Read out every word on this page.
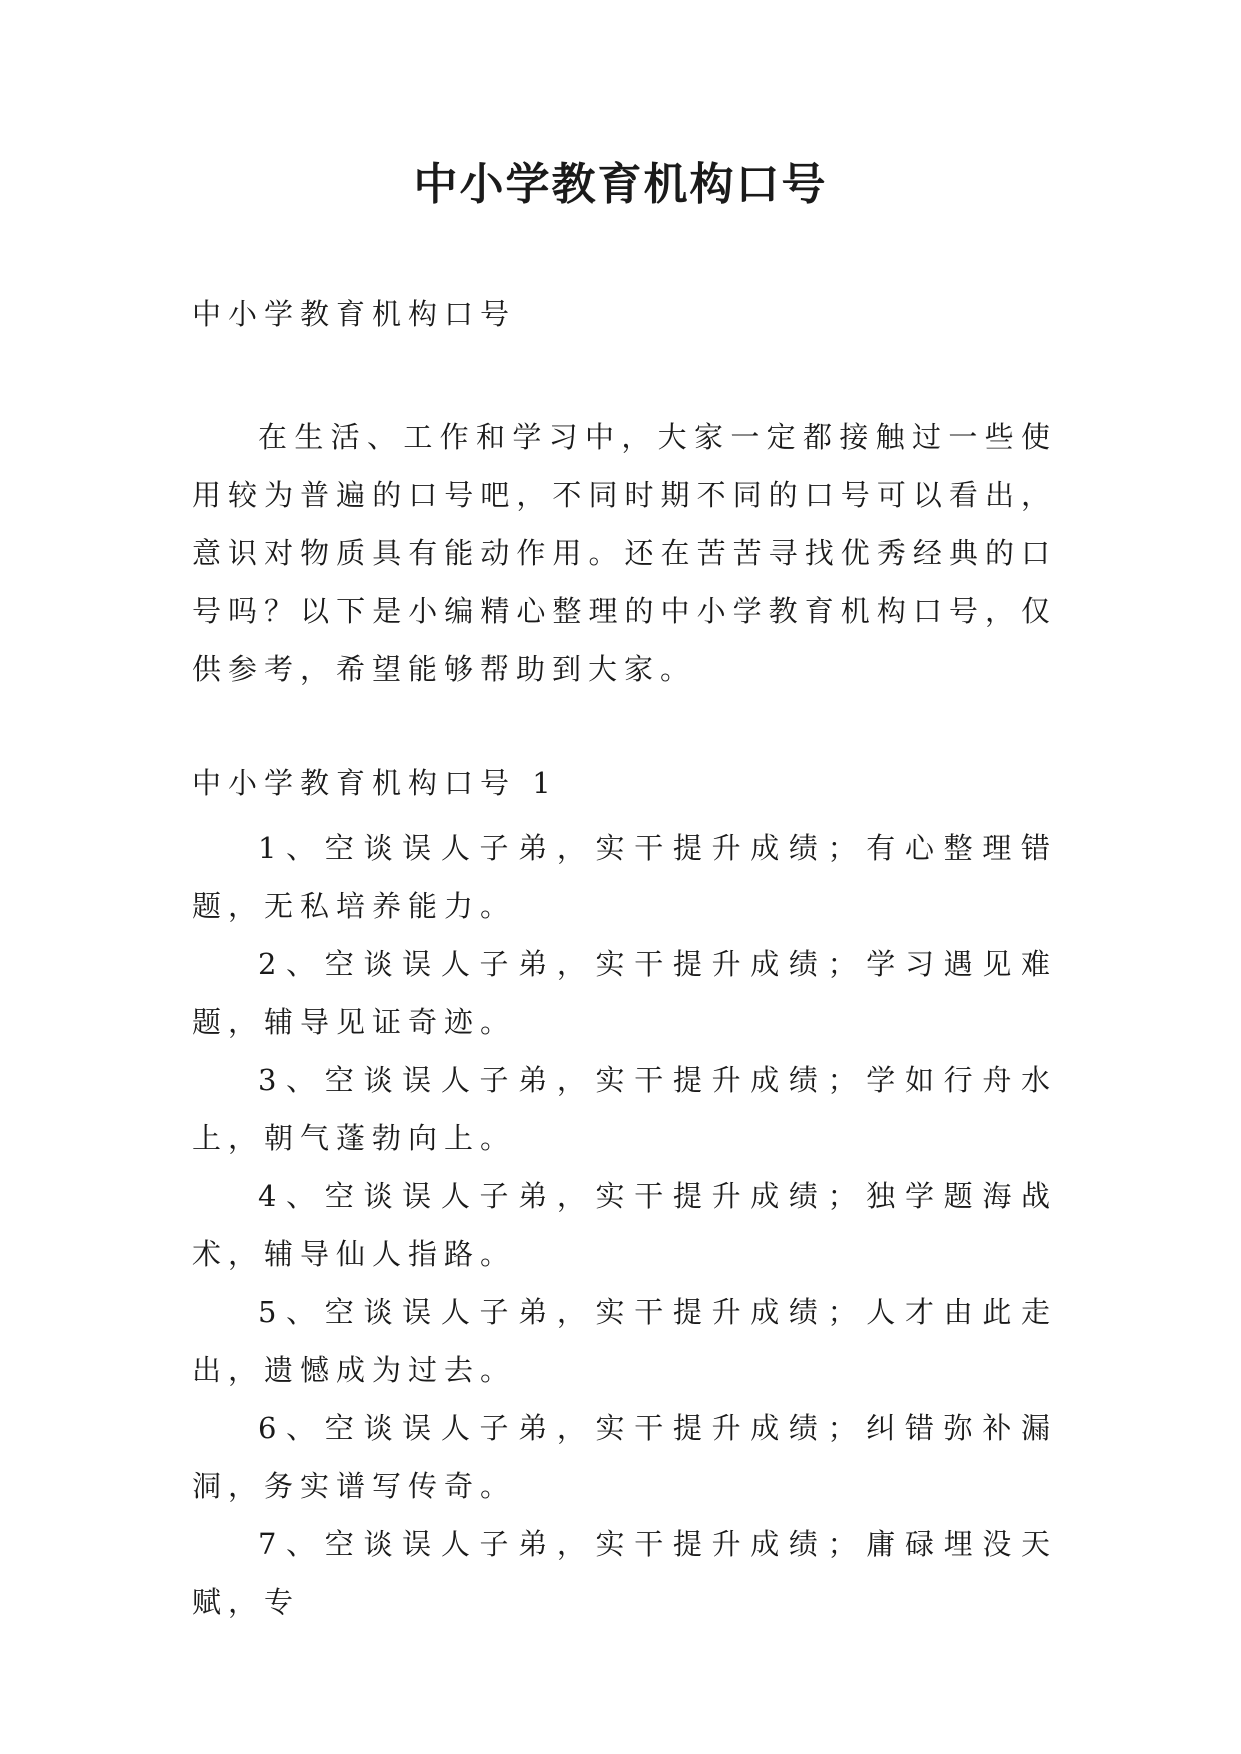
中小学教育机构口号

中小学教育机构口号

在生活、工作和学习中，大家一定都接触过一些使用较为普遍的口号吧，不同时期不同的口号可以看出，意识对物质具有能动作用。还在苦苦寻找优秀经典的口号吗？以下是小编精心整理的中小学教育机构口号，仅供参考，希望能够帮助到大家。

中小学教育机构口号 1

1、空谈误人子弟，实干提升成绩；有心整理错题，无私培养能力。
2、空谈误人子弟，实干提升成绩；学习遇见难题，辅导见证奇迹。
3、空谈误人子弟，实干提升成绩；学如行舟水上，朝气蓬勃向上。
4、空谈误人子弟，实干提升成绩；独学题海战术，辅导仙人指路。
5、空谈误人子弟，实干提升成绩；人才由此走出，遗憾成为过去。
6、空谈误人子弟，实干提升成绩；纠错弥补漏洞，务实谱写传奇。
7、空谈误人子弟，实干提升成绩；庸碌埋没天赋，专
